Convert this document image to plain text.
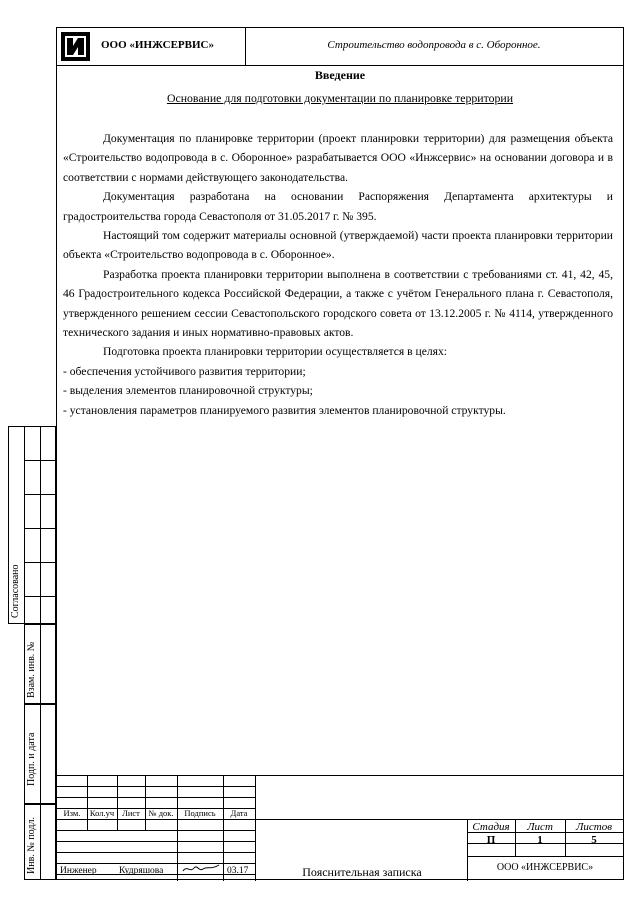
ООО «ИНЖСЕРВИС»	Строительство водопровода в с. Оборонное.
Введение
Основание для подготовки документации по планировке территории

Документация по планировке территории (проект планировки территории) для размещения объекта «Строительство водопровода в с. Оборонное» разрабатывается ООО «Инжсервис» на основании договора и в соответствии с нормами действующего законодательства.

Документация разработана на основании Распоряжения Департамента архитектуры и градостроительства города Севастополя от 31.05.2017 г. № 395.

Настоящий том содержит материалы основной (утверждаемой) части проекта планировки территории объекта «Строительство водопровода в с. Оборонное».

Разработка проекта планировки территории выполнена в соответствии с требованиями ст. 41, 42, 45, 46 Градостроительного кодекса Российской Федерации, а также с учётом Генерального плана г. Севастополя, утвержденного решением сессии Севастопольского городского совета от 13.12.2005 г. № 4114, утвержденного технического задания и иных нормативно-правовых актов.

Подготовка проекта планировки территории осуществляется в целях:

- обеспечения устойчивого развития территории;

- выделения элементов планировочной структуры;

- установления параметров планируемого развития элементов планировочной структуры.

Изм.	Кол.уч Лист	№ док.	Подпись	Дата
Инженер Кудряшова	03.17	Пояснительная записка
Стадия	Лист	Листов
П	1	5
ООО «ИНЖСЕРВИС»
Согласовано
Взам. инв. №
Подп. и дата
Инв. № подл.
